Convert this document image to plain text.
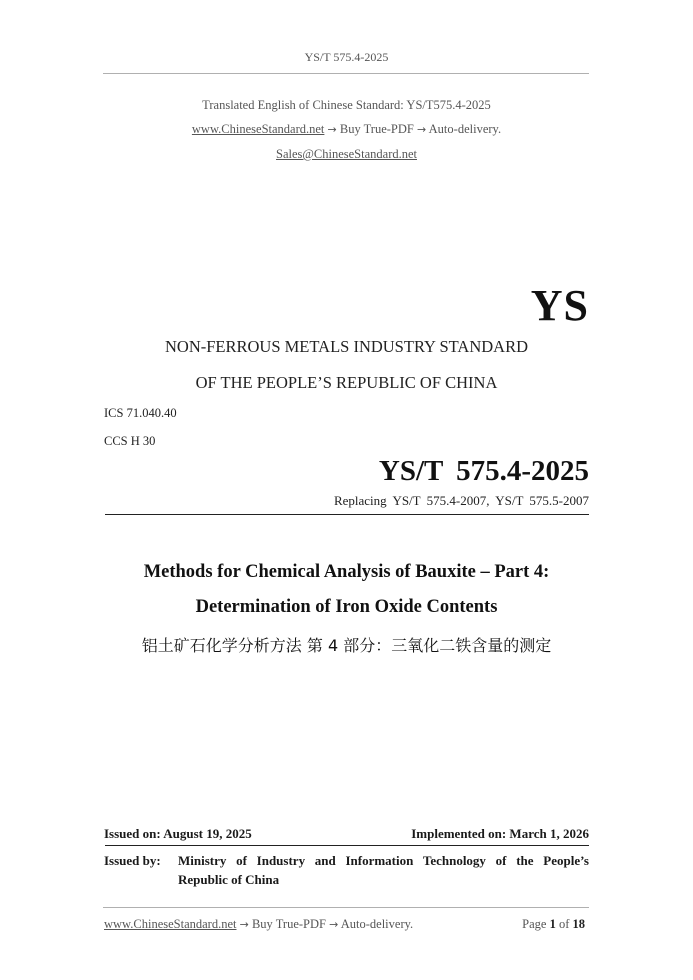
YS/T 575.4-2025
Translated English of Chinese Standard: YS/T575.4-2025
www.ChineseStandard.net → Buy True-PDF → Auto-delivery.
Sales@ChineseStandard.net
YS
NON-FERROUS METALS INDUSTRY STANDARD
OF THE PEOPLE’S REPUBLIC OF CHINA
ICS 71.040.40
CCS H 30
YS/T 575.4-2025
Replacing YS/T 575.4-2007, YS/T 575.5-2007
Methods for Chemical Analysis of Bauxite – Part 4:
Determination of Iron Oxide Contents
铝土矿石化学分析方法 第 4 部分：三氧化二铁含量的测定
Issued on: August 19, 2025	Implemented on: March 1, 2026
Issued by:	Ministry of Industry and Information Technology of the People’s Republic of China
www.ChineseStandard.net → Buy True-PDF → Auto-delivery.	Page 1 of 18
